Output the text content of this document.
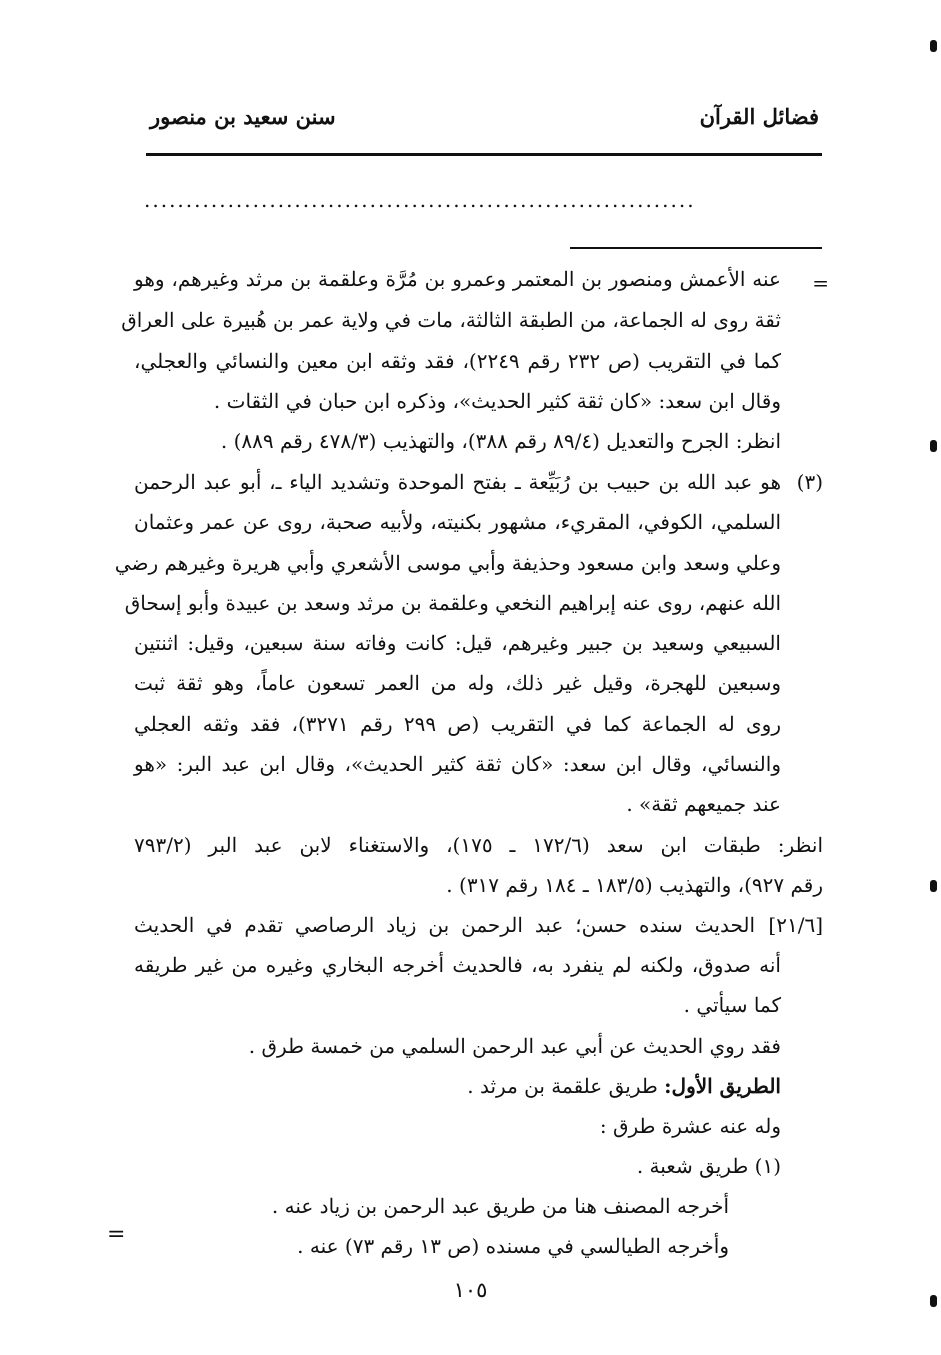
فضائل القرآن
سنن سعيد بن منصور
..................................................................
=
عنه الأعمش ومنصور بن المعتمر وعمرو بن مُرَّة وعلقمة بن مرثد وغيرهم، وهو
ثقة روى له الجماعة، من الطبقة الثالثة، مات في ولاية عمر بن هُبيرة على العراق
كما في التقريب (ص ٢٣٢ رقم ٢٢٤٩)، فقد وثقه ابن معين والنسائي والعجلي،
وقال ابن سعد: «كان ثقة كثير الحديث»، وذكره ابن حبان في الثقات .
انظر: الجرح والتعديل (٨٩/٤ رقم ٣٨٨)، والتهذيب (٤٧٨/٣ رقم ٨٨٩) .
(٣)
هو عبد الله بن حبيب بن رُبَيِّعة ـ بفتح الموحدة وتشديد الياء ـ، أبو عبد الرحمن
السلمي، الكوفي، المقريء، مشهور بكنيته، ولأبيه صحبة، روى عن عمر وعثمان
وعلي وسعد وابن مسعود وحذيفة وأبي موسى الأشعري وأبي هريرة وغيرهم رضي
الله عنهم، روى عنه إبراهيم النخعي وعلقمة بن مرثد وسعد بن عبيدة وأبو إسحاق
السبيعي وسعيد بن جبير وغيرهم، قيل: كانت وفاته سنة سبعين، وقيل: اثنتين
وسبعين للهجرة، وقيل غير ذلك، وله من العمر تسعون عاماً، وهو ثقة ثبت
روى له الجماعة كما في التقريب (ص ٢٩٩ رقم ٣٢٧١)، فقد وثقه العجلي
والنسائي، وقال ابن سعد: «كان ثقة كثير الحديث»، وقال ابن عبد البر: «هو
عند جميعهم ثقة» .
انظر: طبقات ابن سعد (١٧٢/٦ ـ ١٧٥)، والاستغناء لابن عبد البر (٧٩٣/٢
رقم ٩٢٧)، والتهذيب (١٨٣/٥ ـ ١٨٤ رقم ٣١٧) .
[٢١/٦]
الحديث سنده حسن؛ عبد الرحمن بن زياد الرصاصي تقدم في الحديث
أنه صدوق، ولكنه لم ينفرد به، فالحديث أخرجه البخاري وغيره من غير طريقه
كما سيأتي .
فقد روي الحديث عن أبي عبد الرحمن السلمي من خمسة طرق .
الطريق الأول: طريق علقمة بن مرثد .
وله عنه عشرة طرق :
(١) طريق شعبة .
أخرجه المصنف هنا من طريق عبد الرحمن بن زياد عنه .
وأخرجه الطيالسي في مسنده (ص ١٣ رقم ٧٣) عنه .
=
١٠٥
